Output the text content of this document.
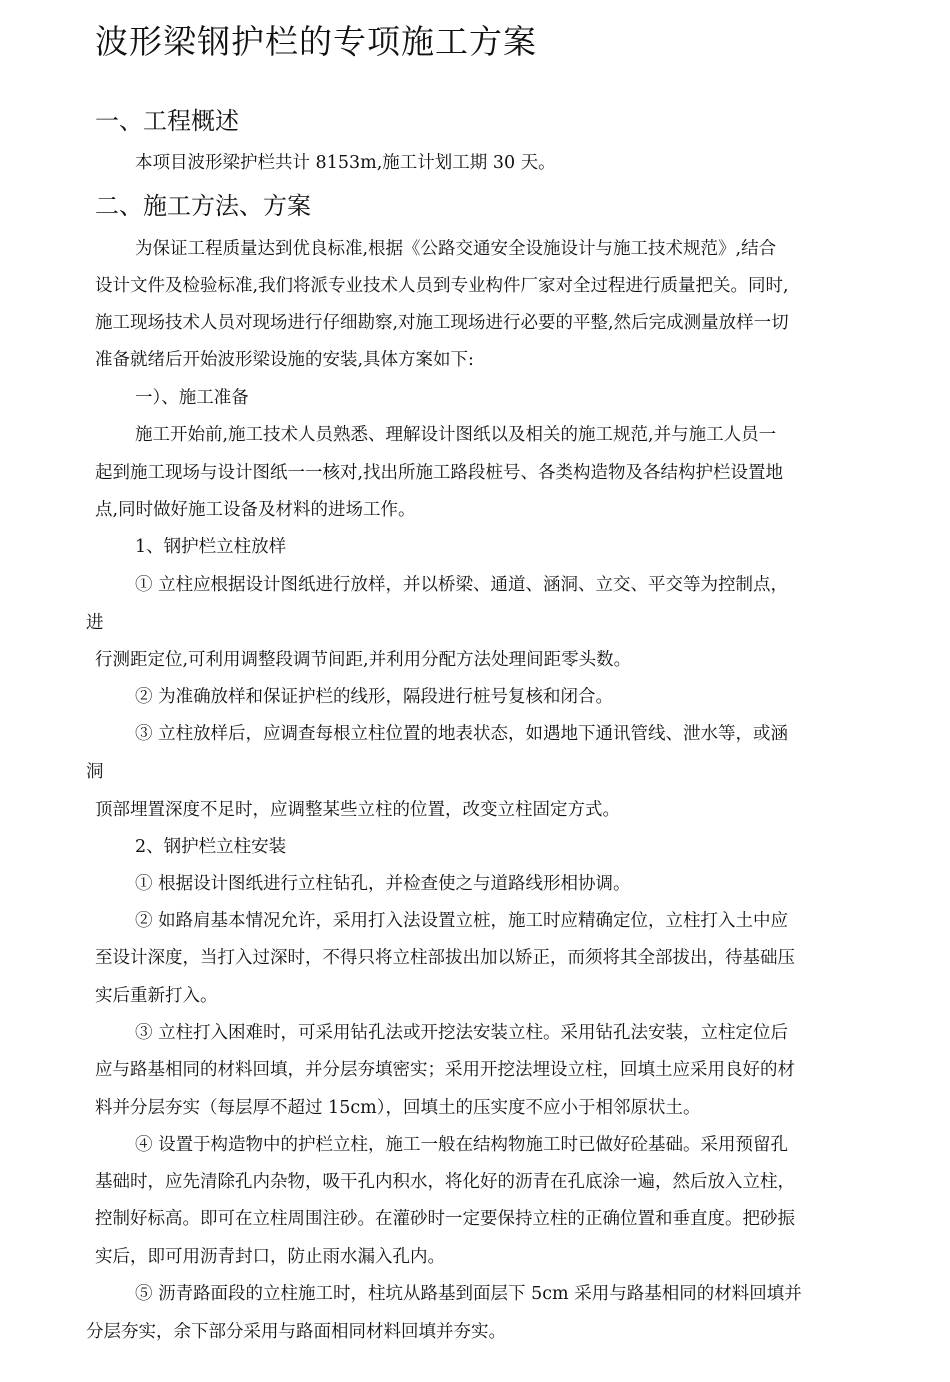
波形梁钢护栏的专项施工方案
一、工程概述
本项目波形梁护栏共计 8153m,施工计划工期 30 天。
二、施工方法、方案
为保证工程质量达到优良标准,根据《公路交通安全设施设计与施工技术规范》,结合
设计文件及检验标准,我们将派专业技术人员到专业构件厂家对全过程进行质量把关。同时,
施工现场技术人员对现场进行仔细勘察,对施工现场进行必要的平整,然后完成测量放样一切
准备就绪后开始波形梁设施的安装,具体方案如下:
一）、施工准备
施工开始前,施工技术人员熟悉、理解设计图纸以及相关的施工规范,并与施工人员一
起到施工现场与设计图纸一一核对,找出所施工路段桩号、各类构造物及各结构护栏设置地
点,同时做好施工设备及材料的进场工作。
1、钢护栏立柱放样
① 立柱应根据设计图纸进行放样，并以桥梁、通道、涵洞、立交、平交等为控制点，
进
行测距定位,可利用调整段调节间距,并利用分配方法处理间距零头数。
② 为准确放样和保证护栏的线形，隔段进行桩号复核和闭合。
③ 立柱放样后，应调查每根立柱位置的地表状态，如遇地下通讯管线、泄水等，或涵
洞
顶部埋置深度不足时，应调整某些立柱的位置，改变立柱固定方式。
2、钢护栏立柱安装
① 根据设计图纸进行立柱钻孔，并检查使之与道路线形相协调。
② 如路肩基本情况允许，采用打入法设置立桩，施工时应精确定位，立柱打入土中应
至设计深度，当打入过深时，不得只将立柱部拔出加以矫正，而须将其全部拔出，待基础压
实后重新打入。
③ 立柱打入困难时，可采用钻孔法或开挖法安装立柱。采用钻孔法安装，立柱定位后
应与路基相同的材料回填，并分层夯填密实；采用开挖法埋设立柱，回填土应采用良好的材
料并分层夯实（每层厚不超过 15cm），回填土的压实度不应小于相邻原状土。
④ 设置于构造物中的护栏立柱，施工一般在结构物施工时已做好砼基础。采用预留孔
基础时，应先清除孔内杂物，吸干孔内积水，将化好的沥青在孔底涂一遍，然后放入立柱，
控制好标高。即可在立柱周围注砂。在灌砂时一定要保持立柱的正确位置和垂直度。把砂振
实后，即可用沥青封口，防止雨水漏入孔内。
⑤ 沥青路面段的立柱施工时，柱坑从路基到面层下 5cm 采用与路基相同的材料回填并
分层夯实，余下部分采用与路面相同材料回填并夯实。
